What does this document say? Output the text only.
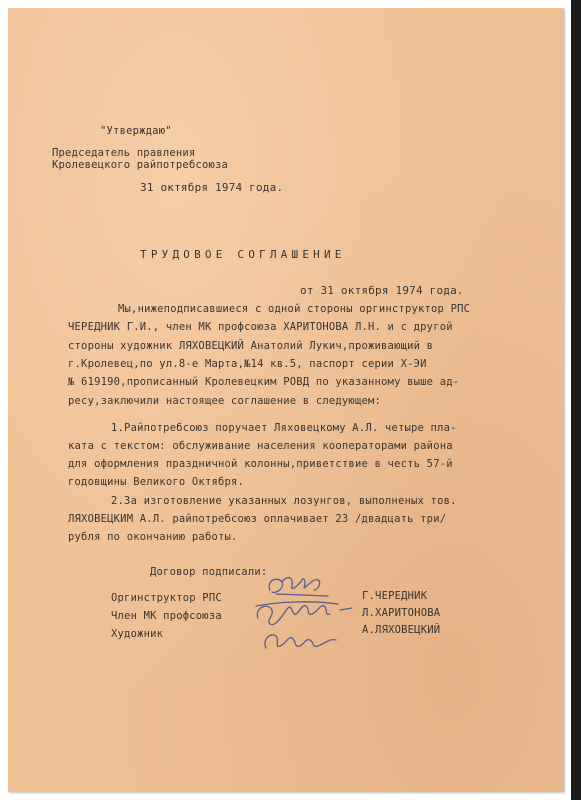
"Утверждаю"
Председатель правления
Кролевецкого райпотребсоюза
31 октября 1974 года.
ТРУДОВОЕ СОГЛАШЕНИЕ
от 31 октября 1974 года.
Мы,нижеподписавшиеся с одной стороны оргинструктор РПС
ЧЕРЕДНИК Г.И., член МК профсоюза ХАРИТОНОВА Л.Н. и с другой
стороны художник ЛЯХОВЕЦКИЙ Анатолий Лукич,проживающий в
г.Кролевец,по ул.8-е Марта,№14 кв.5, паспорт серии Х-ЭИ
№ 619190,прописанный Кролевецким РОВД по указанному выше ад-
ресу,заключили настоящее соглашение в следующем:
1.Райпотребсоюз поручает Ляховецкому А.Л. четыре пла-
ката с текстом: обслуживание населения кооператорами района
для оформления праздничной колонны,приветствие в честь 57-й
годовщины Великого Октября.
2.За изготовление указанных лозунгов, выполненых тов.
ЛЯХОВЕЦКИМ А.Л. райпотребсоюз оплачивает 23 /двадцать три/
рубля по окончанию работы.
Договор подписали:
Оргинструктор РПС
Член МК профсоюза
Художник
Г.ЧЕРЕДНИК
Л.ХАРИТОНОВА
А.ЛЯХОВЕЦКИЙ
